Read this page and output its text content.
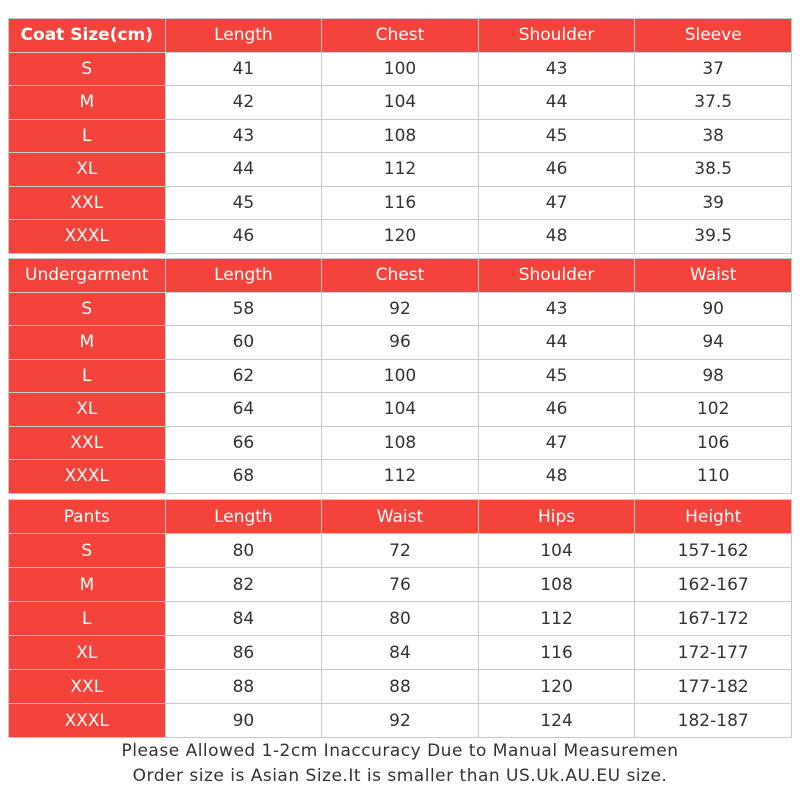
Coat Size(cm)	Length	Chest	Shoulder	Sleeve
S	41	100	43	37
M	42	104	44	37.5
L	43	108	45	38
XL	44	112	46	38.5
XXL	45	116	47	39
XXXL	46	120	48	39.5
Undergarment	Length	Chest	Shoulder	Waist
S	58	92	43	90
M	60	96	44	94
L	62	100	45	98
XL	64	104	46	102
XXL	66	108	47	106
XXXL	68	112	48	110
Pants	Length	Waist	Hips	Height
S	80	72	104	157-162
M	82	76	108	162-167
L	84	80	112	167-172
XL	86	84	116	172-177
XXL	88	88	120	177-182
XXXL	90	92	124	182-187
Please Allowed 1-2cm Inaccuracy Due to Manual Measuremen
Order size is Asian Size.It is smaller than US.Uk.AU.EU size.
